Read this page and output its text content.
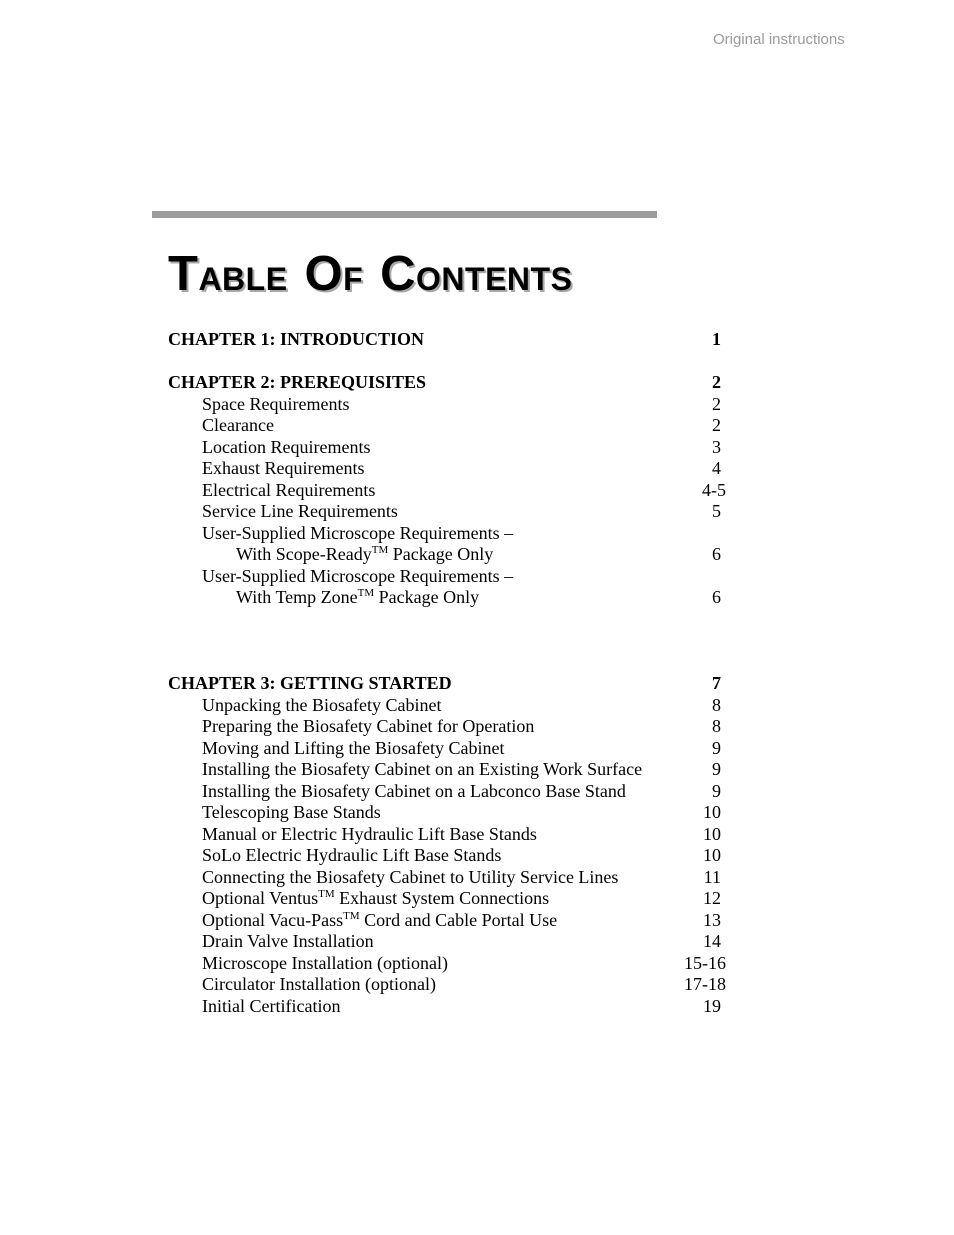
Original instructions
TABLE OF CONTENTS
CHAPTER 1: INTRODUCTION	1
CHAPTER 2: PREREQUISITES	2
Space Requirements	2
Clearance	2
Location Requirements	3
Exhaust Requirements	4
Electrical Requirements	4-5
Service Line Requirements	5
User-Supplied Microscope Requirements –
With Scope-Ready™ Package Only	6
User-Supplied Microscope Requirements –
With Temp Zone™ Package Only	6
CHAPTER 3: GETTING STARTED	7
Unpacking the Biosafety Cabinet	8
Preparing the Biosafety Cabinet for Operation	8
Moving and Lifting the Biosafety Cabinet	9
Installing the Biosafety Cabinet on an Existing Work Surface	9
Installing the Biosafety Cabinet on a Labconco Base Stand	9
Telescoping Base Stands	10
Manual or Electric Hydraulic Lift Base Stands	10
SoLo Electric Hydraulic Lift Base Stands	10
Connecting the Biosafety Cabinet to Utility Service Lines	11
Optional Ventus™ Exhaust System Connections	12
Optional Vacu-Pass™ Cord and Cable Portal Use	13
Drain Valve Installation	14
Microscope Installation (optional)	15-16
Circulator Installation (optional)	17-18
Initial Certification	19
